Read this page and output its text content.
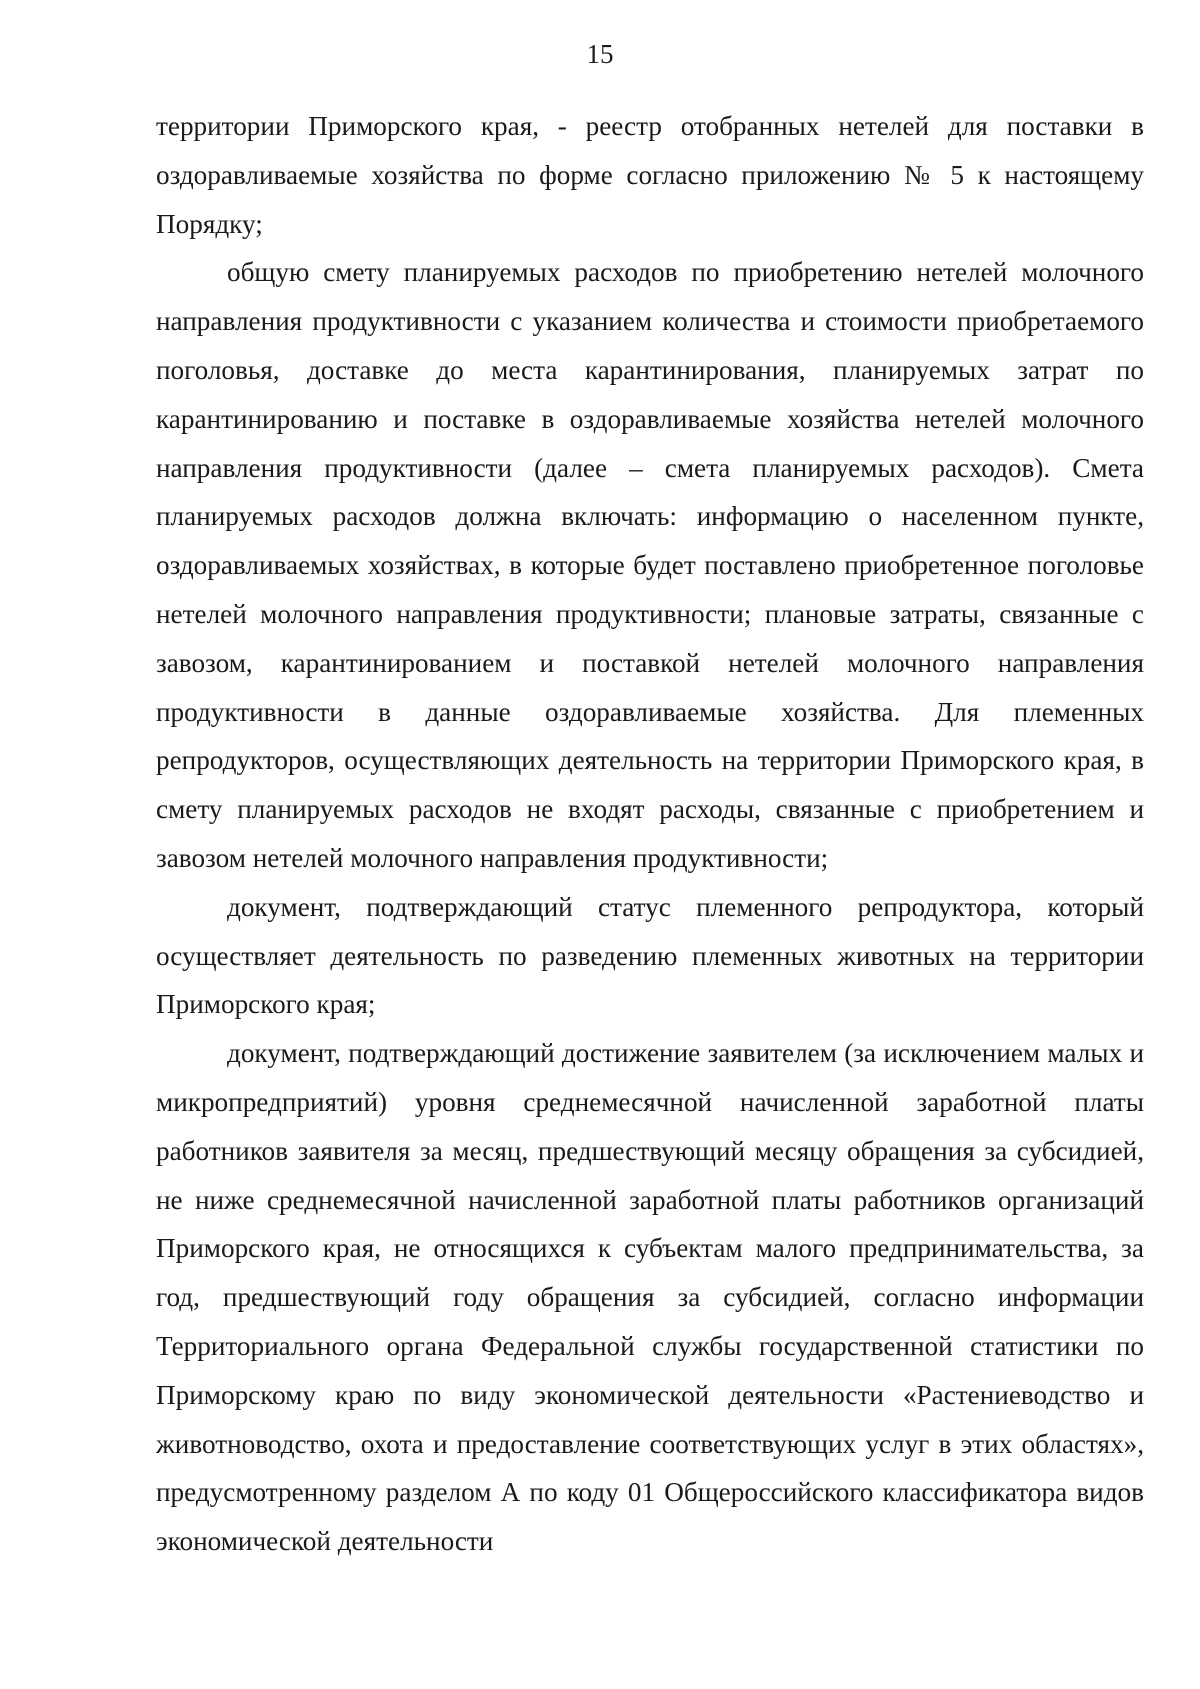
15

территории Приморского края, - реестр отобранных нетелей для поставки в оздоравливаемые хозяйства по форме согласно приложению № 5 к настоящему Порядку;

общую смету планируемых расходов по приобретению нетелей молочного направления продуктивности с указанием количества и стоимости приобретаемого поголовья, доставке до места карантинирования, планируемых затрат по карантинированию и поставке в оздоравливаемые хозяйства нетелей молочного направления продуктивности (далее – смета планируемых расходов). Смета планируемых расходов должна включать: информацию о населенном пункте, оздоравливаемых хозяйствах, в которые будет поставлено приобретенное поголовье нетелей молочного направления продуктивности; плановые затраты, связанные с завозом, карантинированием и поставкой нетелей молочного направления продуктивности в данные оздоравливаемые хозяйства. Для племенных репродукторов, осуществляющих деятельность на территории Приморского края, в смету планируемых расходов не входят расходы, связанные с приобретением и завозом нетелей молочного направления продуктивности;

документ, подтверждающий статус племенного репродуктора, который осуществляет деятельность по разведению племенных животных на территории Приморского края;

документ, подтверждающий достижение заявителем (за исключением малых и микропредприятий) уровня среднемесячной начисленной заработной платы работников заявителя за месяц, предшествующий месяцу обращения за субсидией, не ниже среднемесячной начисленной заработной платы работников организаций Приморского края, не относящихся к субъектам малого предпринимательства, за год, предшествующий году обращения за субсидией, согласно информации Территориального органа Федеральной службы государственной статистики по Приморскому краю по виду экономической деятельности «Растениеводство и животноводство, охота и предоставление соответствующих услуг в этих областях», предусмотренному разделом А по коду 01 Общероссийского классификатора видов экономической деятельности
